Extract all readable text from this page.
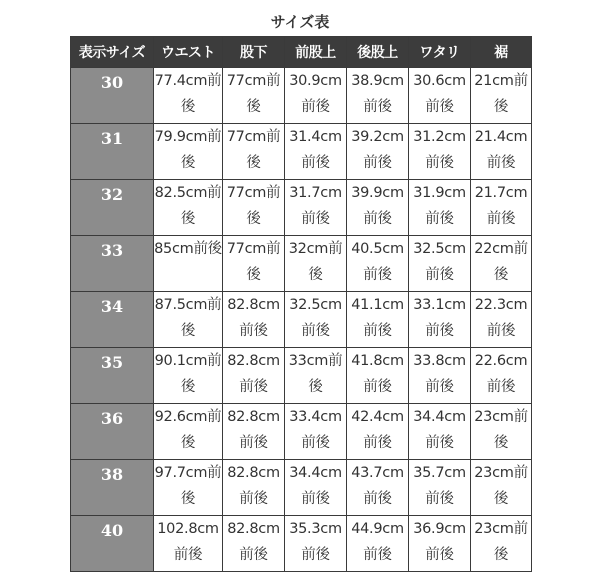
サイズ表
表示サイズ	ウエスト	股下	前股上	後股上	ワタリ	裾
30	77.4cm前後	77cm前後	30.9cm前後	38.9cm前後	30.6cm前後	21cm前後
31	79.9cm前後	77cm前後	31.4cm前後	39.2cm前後	31.2cm前後	21.4cm前後
32	82.5cm前後	77cm前後	31.7cm前後	39.9cm前後	31.9cm前後	21.7cm前後
33	85cm前後	77cm前後	32cm前後	40.5cm前後	32.5cm前後	22cm前後
34	87.5cm前後	82.8cm前後	32.5cm前後	41.1cm前後	33.1cm前後	22.3cm前後
35	90.1cm前後	82.8cm前後	33cm前後	41.8cm前後	33.8cm前後	22.6cm前後
36	92.6cm前後	82.8cm前後	33.4cm前後	42.4cm前後	34.4cm前後	23cm前後
38	97.7cm前後	82.8cm前後	34.4cm前後	43.7cm前後	35.7cm前後	23cm前後
40	102.8cm前後	82.8cm前後	35.3cm前後	44.9cm前後	36.9cm前後	23cm前後
